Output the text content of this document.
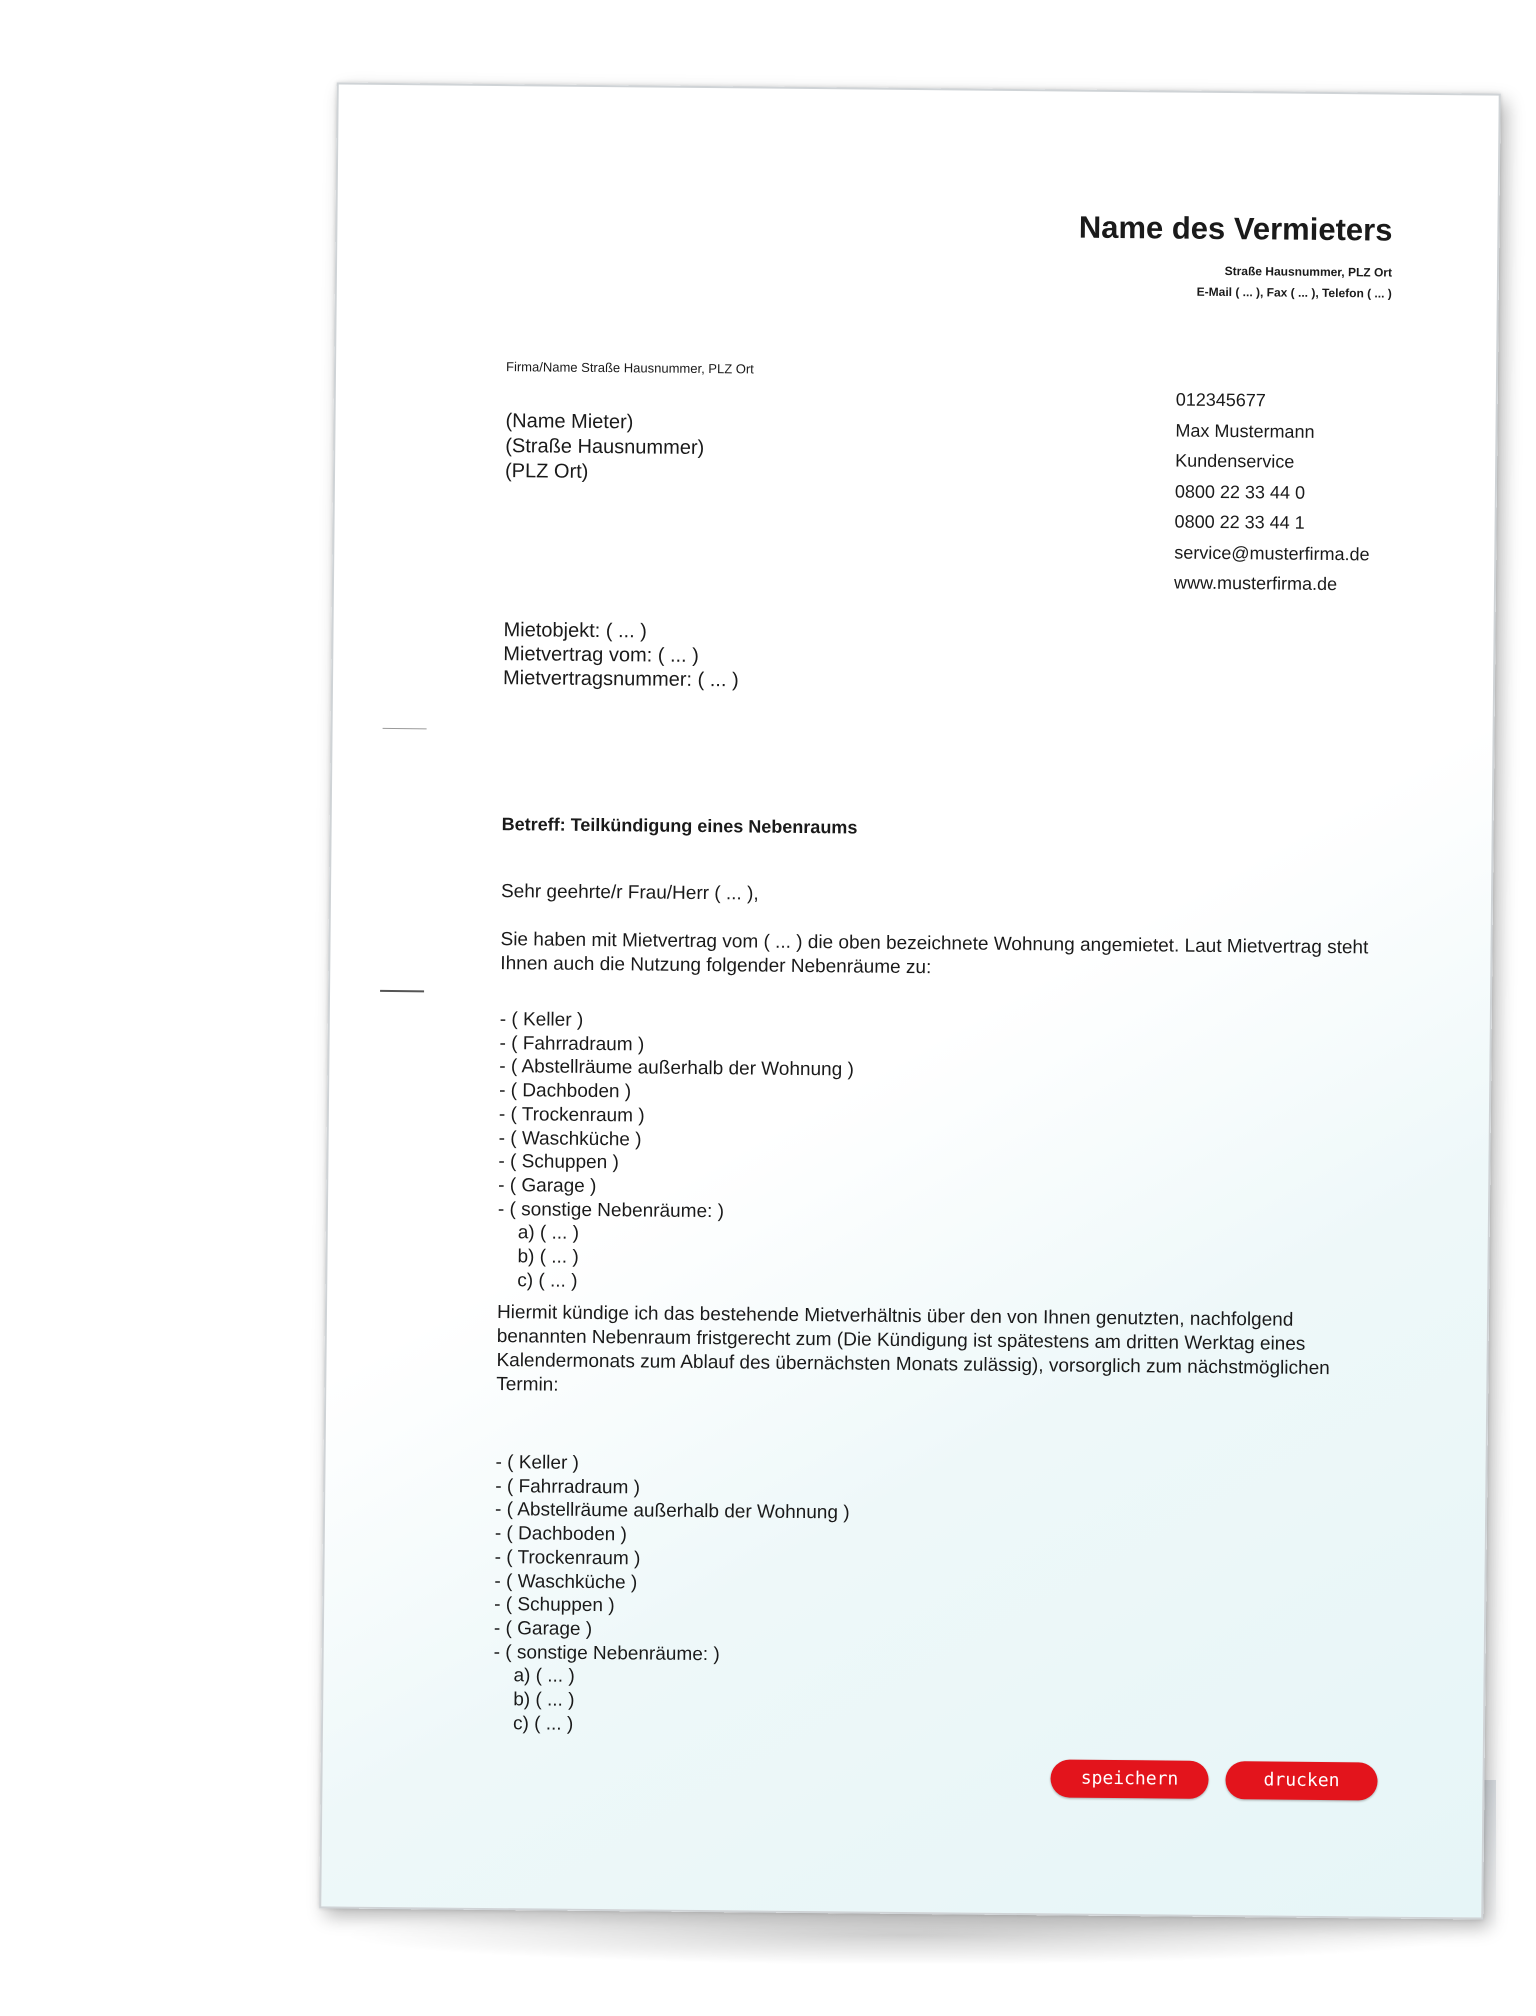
Name des Vermieters
Straße Hausnummer, PLZ Ort
E-Mail ( ... ), Fax ( ... ), Telefon ( ... )
Firma/Name Straße Hausnummer, PLZ Ort
(Name Mieter)
(Straße Hausnummer)
(PLZ Ort)
012345677
Max Mustermann
Kundenservice
0800 22 33 44 0
0800 22 33 44 1
service@musterfirma.de
www.musterfirma.de
Mietobjekt: ( ... )
Mietvertrag vom: ( ... )
Mietvertragsnummer: ( ... )
Betreff: Teilkündigung eines Nebenraums
Sehr geehrte/r Frau/Herr ( ... ),
Sie haben mit Mietvertrag vom ( ... ) die oben bezeichnete Wohnung angemietet. Laut Mietvertrag steht Ihnen auch die Nutzung folgender Nebenräume zu:
- ( Keller )
- ( Fahrradraum )
- ( Abstellräume außerhalb der Wohnung )
- ( Dachboden )
- ( Trockenraum )
- ( Waschküche )
- ( Schuppen )
- ( Garage )
- ( sonstige Nebenräume: )
a) ( ... )
b) ( ... )
c) ( ... )
Hiermit kündige ich das bestehende Mietverhältnis über den von Ihnen genutzten, nachfolgend benannten Nebenraum fristgerecht zum (Die Kündigung ist spätestens am dritten Werktag eines Kalendermonats zum Ablauf des übernächsten Monats zulässig), vorsorglich zum nächstmöglichen Termin:
- ( Keller )
- ( Fahrradraum )
- ( Abstellräume außerhalb der Wohnung )
- ( Dachboden )
- ( Trockenraum )
- ( Waschküche )
- ( Schuppen )
- ( Garage )
- ( sonstige Nebenräume: )
a) ( ... )
b) ( ... )
c) ( ... )
speichern	drucken
